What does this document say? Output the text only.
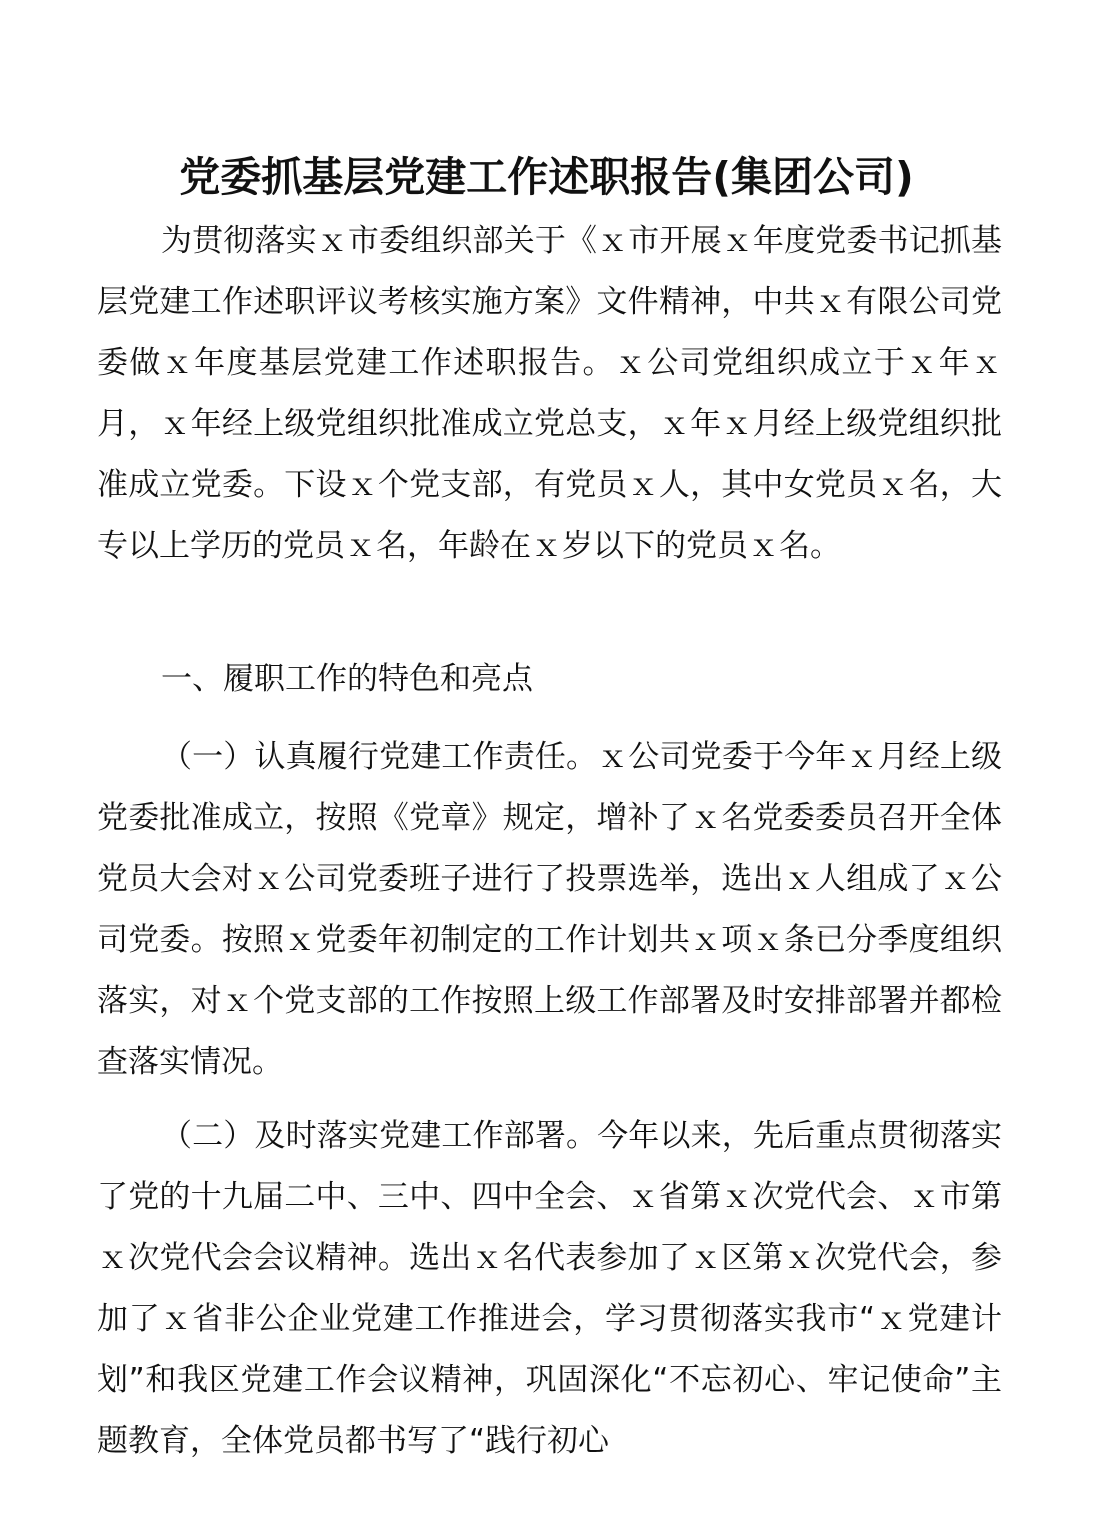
党委抓基层党建工作述职报告(集团公司)

为贯彻落实ｘ市委组织部关于《ｘ市开展ｘ年度党委书记抓基层党建工作述职评议考核实施方案》文件精神，中共ｘ有限公司党委做ｘ年度基层党建工作述职报告。ｘ公司党组织成立于ｘ年ｘ月，ｘ年经上级党组织批准成立党总支，ｘ年ｘ月经上级党组织批准成立党委。下设ｘ个党支部，有党员ｘ人，其中女党员ｘ名，大专以上学历的党员ｘ名，年龄在ｘ岁以下的党员ｘ名。

一、履职工作的特色和亮点

（一）认真履行党建工作责任。ｘ公司党委于今年ｘ月经上级党委批准成立，按照《党章》规定，增补了ｘ名党委委员召开全体党员大会对ｘ公司党委班子进行了投票选举，选出ｘ人组成了ｘ公司党委。按照ｘ党委年初制定的工作计划共ｘ项ｘ条已分季度组织落实，对ｘ个党支部的工作按照上级工作部署及时安排部署并都检查落实情况。

（二）及时落实党建工作部署。今年以来，先后重点贯彻落实了党的十九届二中、三中、四中全会、ｘ省第ｘ次党代会、ｘ市第ｘ次党代会会议精神。选出ｘ名代表参加了ｘ区第ｘ次党代会，参加了ｘ省非公企业党建工作推进会，学习贯彻落实我市“ｘ党建计划”和我区党建工作会议精神，巩固深化“不忘初心、牢记使命”主题教育，全体党员都书写了“践行初心
